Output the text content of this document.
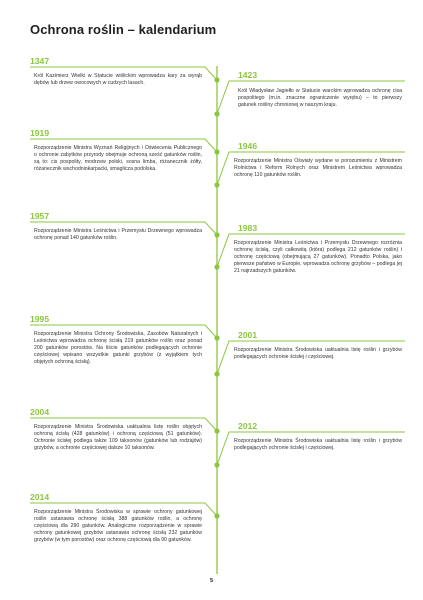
Ochrona roślin – kalendarium
1347
Król Kazimierz Wielki w Statucie wiślickim wprowadza kary za wyrąb dębów lub drzew owocowych w cudzych lasach.
1423
Król Władysław Jagiełło w Statucie warckim wprowadza ochronę cisa pospolitego (m.in. znaczne ograniczenie wyrębu) – to pierwszy gatunek rośliny chronionej w naszym kraju.
1919
Rozporządzenie Ministra Wyznań Religijnych i Oświecenia Publicznego o ochronie zabytków przyrody obejmuje ochroną sześć gatunków roślin, są to: cis pospolity, modrzew polski, sosna limba, różanecznik żółty, różanecznik wschodniokarpacki, smagliczа podolska.
1946
Rozporządzenie Ministra Oświaty wydane w porozumieniu z Ministrem Rolnictwa i Reform Rolnych oraz Ministrem Leśnictwa wprowadza ochronę 110 gatunków roślin.
1957
Rozporządzenie Ministra Leśnictwa i Przemysłu Drzewnego wprowadza ochronę ponad 140 gatunków roślin.
1983
Rozporządzenie Ministra Leśnictwa i Przemysłu Drzewnego rozróżnia ochronę ścisłą, czyli całkowitą (która) podlega 212 gatunków roślin) i ochronę częściową (obejmującą 27 gatunków). Ponadto Polska, jako pierwsze państwo w Europie, wprowadza ochronę grzybów – podlega jej 21 najrzadszych gatunków.
1995
Rozporządzenie Ministra Ochrony Środowiska, Zasobów Naturalnych i Leśnictwa wprowadza ochronę ścisłą 219 gatunków roślin oraz ponad 200 gatunków porostów. Na liście gatunków podlegających ochronie częściowej wpisano wszystkie gatunki grzybów (z wyjątkiem tych objętych ochroną ścisłą).
2001
Rozporządzenie Ministra Środowiska uaktualnia listę roślin i grzybów podlegających ochronie ścisłej i częściowej.
2004
Rozporządzenie Ministra Środowiska uaktualnia listę roślin objętych ochroną ścisłą (428 gatunków) i ochroną częściową (51 gatunków). Ochronie ścisłej podlega także 109 taksonów (gatunków lub rodzajów) grzybów, a ochronie częściowej dalsze 10 taksonów.
2012
Rozporządzenie Ministra Środowiska uaktualnia listę roślin i grzybów podlegających ochronie ścisłej i częściowej.
2014
Rozporządzenie Ministra Środowiska w sprawie ochrony gatunkowej roślin ustanawia ochronę ścisłą 388 gatunków roślin, a ochronę częściową dla 290 gatunków. Analogiczne rozporządzenie w sprawie ochrony gatunkowej grzybów ustanawia ochronę ścisłą 232 gatunków grzybów (w tym porostów) oraz ochronę częściową dla 90 gatunków.
5
